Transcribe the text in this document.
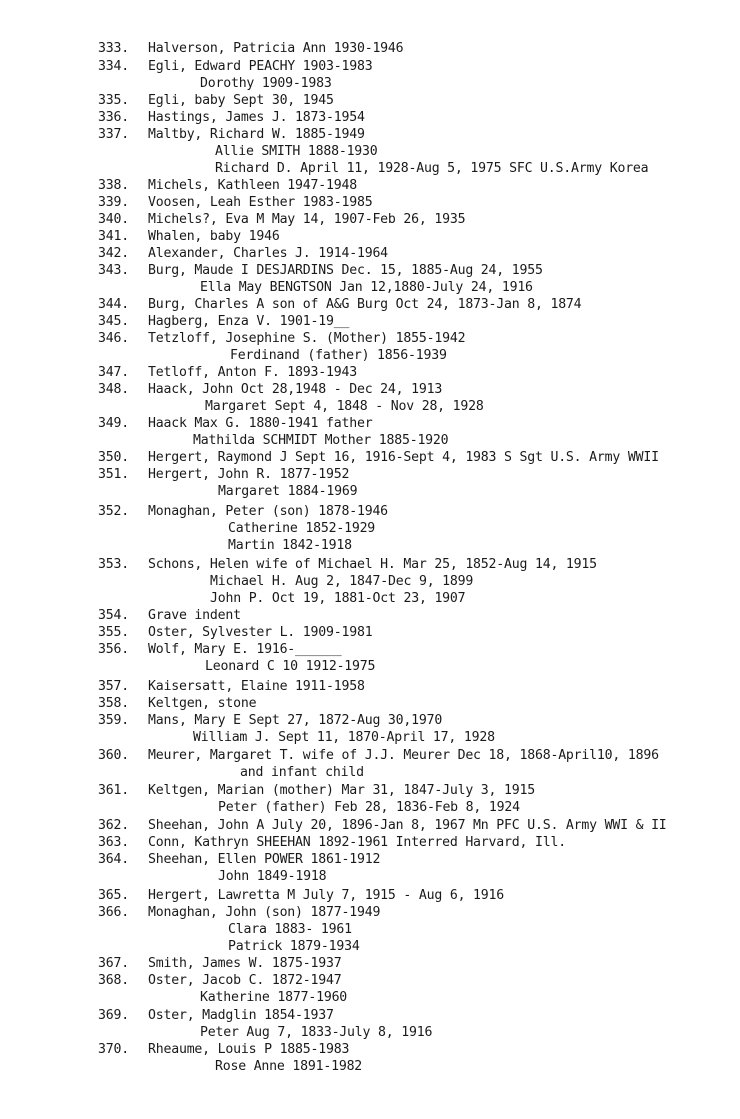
333.	Halverson, Patricia Ann 1930-1946
334.	Egli, Edward PEACHY 1903-1983
Dorothy 1909-1983
335.	Egli, baby Sept 30, 1945
336.	Hastings, James J. 1873-1954
337.	Maltby, Richard W. 1885-1949
Allie SMITH 1888-1930
Richard D. April 11, 1928-Aug 5, 1975 SFC U.S.Army Korea
338.	Michels, Kathleen 1947-1948
339.	Voosen, Leah Esther 1983-1985
340.	Michels?, Eva M May 14, 1907-Feb 26, 1935
341.	Whalen, baby 1946
342.	Alexander, Charles J. 1914-1964
343.	Burg, Maude I DESJARDINS Dec. 15, 1885-Aug 24, 1955
Ella May BENGTSON Jan 12,1880-July 24, 1916
344.	Burg, Charles A son of A&G Burg Oct 24, 1873-Jan 8, 1874
345.	Hagberg, Enza V. 1901-19__
346.	Tetzloff, Josephine S. (Mother) 1855-1942
Ferdinand (father) 1856-1939
347.	Tetloff, Anton F. 1893-1943
348.	Haack, John Oct 28,1948 - Dec 24, 1913
Margaret Sept 4, 1848 - Nov 28, 1928
349.	Haack Max G. 1880-1941 father
Mathilda SCHMIDT Mother 1885-1920
350.	Hergert, Raymond J Sept 16, 1916-Sept 4, 1983 S Sgt U.S. Army WWII
351.	Hergert, John R. 1877-1952
Margaret 1884-1969
352.	Monaghan, Peter (son) 1878-1946
Catherine 1852-1929
Martin 1842-1918
353.	Schons, Helen wife of Michael H. Mar 25, 1852-Aug 14, 1915
Michael H. Aug 2, 1847-Dec 9, 1899
John P. Oct 19, 1881-Oct 23, 1907
354.	Grave indent
355.	Oster, Sylvester L. 1909-1981
356.	Wolf, Mary E. 1916-______
Leonard C 10 1912-1975
357.	Kaisersatt, Elaine 1911-1958
358.	Keltgen, stone
359.	Mans, Mary E Sept 27, 1872-Aug 30,1970
William J. Sept 11, 1870-April 17, 1928
360.	Meurer, Margaret T. wife of J.J. Meurer Dec 18, 1868-April10, 1896
and infant child
361.	Keltgen, Marian (mother) Mar 31, 1847-July 3, 1915
Peter (father) Feb 28, 1836-Feb 8, 1924
362.	Sheehan, John A July 20, 1896-Jan 8, 1967 Mn PFC U.S. Army WWI & II
363.	Conn, Kathryn SHEEHAN 1892-1961 Interred Harvard, Ill.
364.	Sheehan, Ellen POWER 1861-1912
John 1849-1918
365.	Hergert, Lawretta M July 7, 1915 - Aug 6, 1916
366.	Monaghan, John (son) 1877-1949
Clara 1883- 1961
Patrick 1879-1934
367.	Smith, James W. 1875-1937
368.	Oster, Jacob C. 1872-1947
Katherine 1877-1960
369.	Oster, Madglin 1854-1937
Peter Aug 7, 1833-July 8, 1916
370.	Rheaume, Louis P 1885-1983
Rose Anne 1891-1982
